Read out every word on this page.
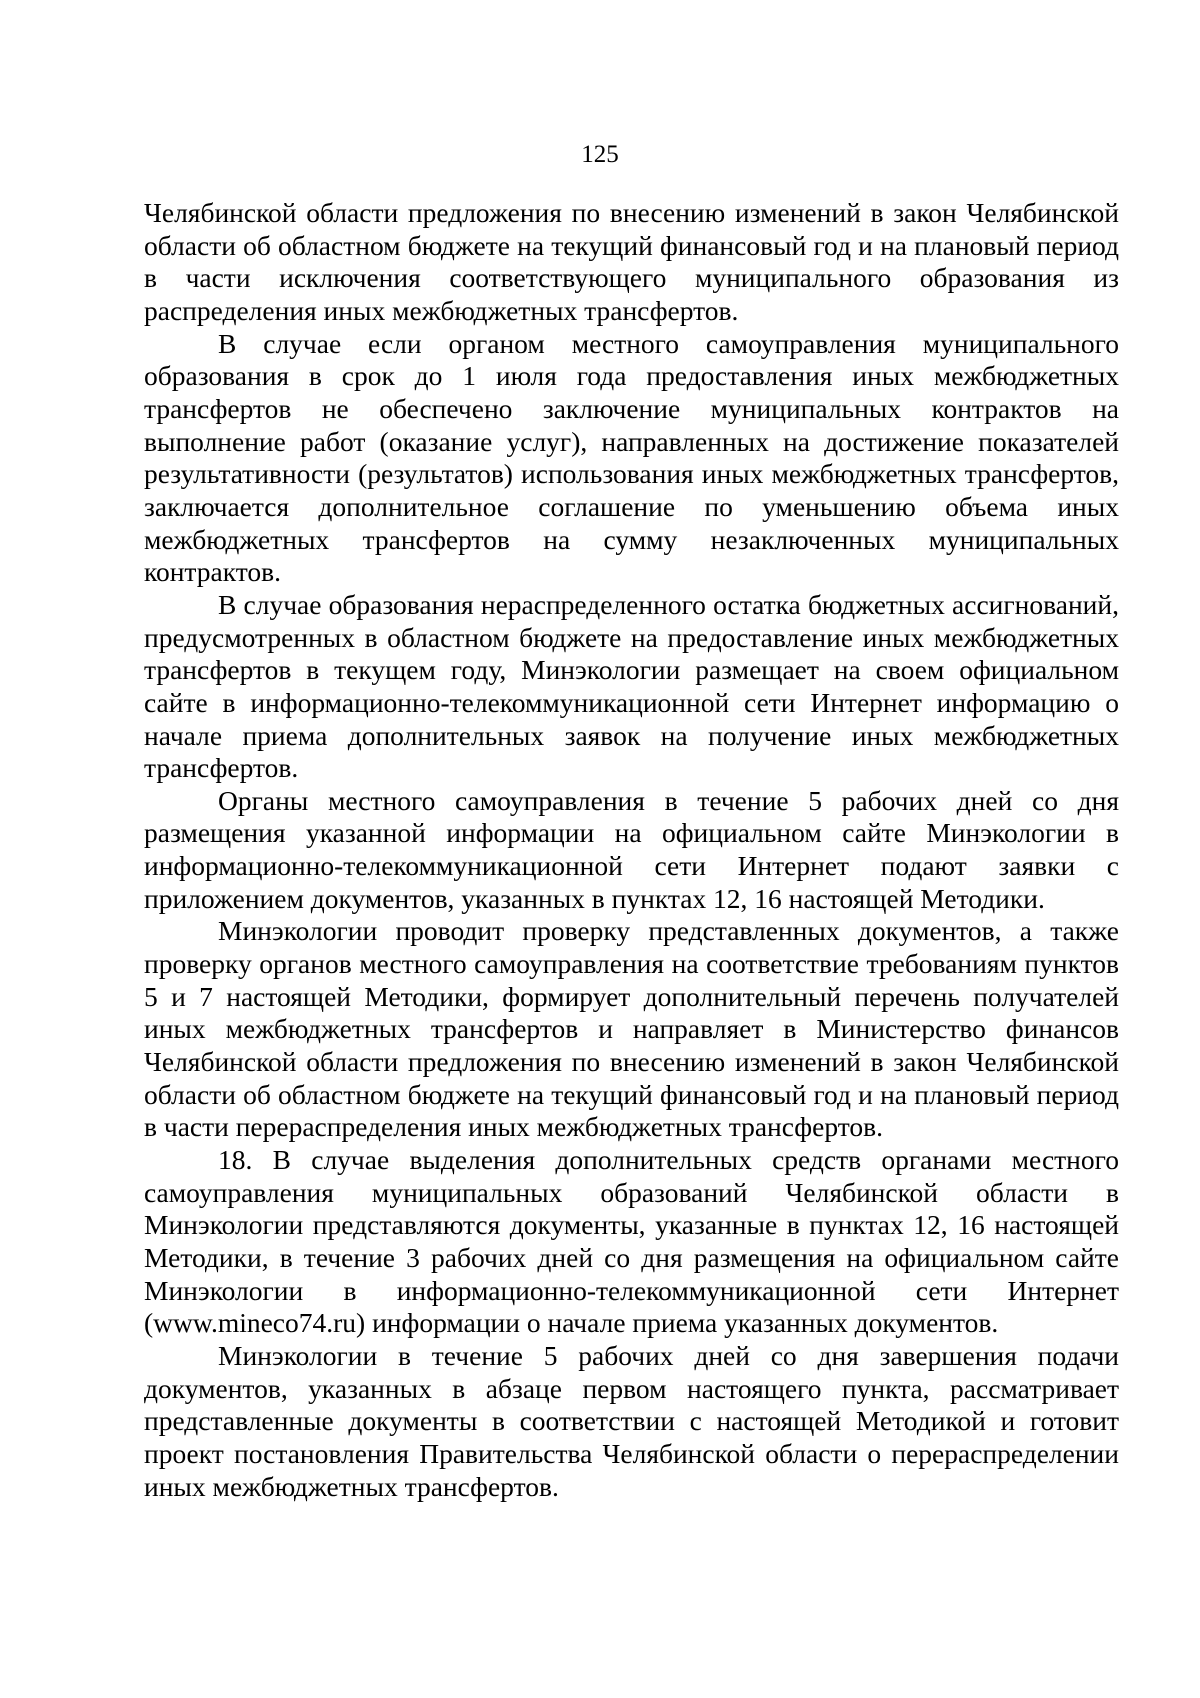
125

Челябинской области предложения по внесению изменений в закон Челябинской области об областном бюджете на текущий финансовый год и на плановый период в части исключения соответствующего муниципального образования из распределения иных межбюджетных трансфертов.

В случае если органом местного самоуправления муниципального образования в срок до 1 июля года предоставления иных межбюджетных трансфертов не обеспечено заключение муниципальных контрактов на выполнение работ (оказание услуг), направленных на достижение показателей результативности (результатов) использования иных межбюджетных трансфертов, заключается дополнительное соглашение по уменьшению объема иных межбюджетных трансфертов на сумму незаключенных муниципальных контрактов.

В случае образования нераспределенного остатка бюджетных ассигнований, предусмотренных в областном бюджете на предоставление иных межбюджетных трансфертов в текущем году, Минэкологии размещает на своем официальном сайте в информационно-телекоммуникационной сети Интернет информацию о начале приема дополнительных заявок на получение иных межбюджетных трансфертов.

Органы местного самоуправления в течение 5 рабочих дней со дня размещения указанной информации на официальном сайте Минэкологии в информационно-телекоммуникационной сети Интернет подают заявки с приложением документов, указанных в пунктах 12, 16 настоящей Методики.

Минэкологии проводит проверку представленных документов, а также проверку органов местного самоуправления на соответствие требованиям пунктов 5 и 7 настоящей Методики, формирует дополнительный перечень получателей иных межбюджетных трансфертов и направляет в Министерство финансов Челябинской области предложения по внесению изменений в закон Челябинской области об областном бюджете на текущий финансовый год и на плановый период в части перераспределения иных межбюджетных трансфертов.

18. В случае выделения дополнительных средств органами местного самоуправления муниципальных образований Челябинской области в Минэкологии представляются документы, указанные в пунктах 12, 16 настоящей Методики, в течение 3 рабочих дней со дня размещения на официальном сайте Минэкологии в информационно-телекоммуникационной сети Интернет (www.mineco74.ru) информации о начале приема указанных документов.

Минэкологии в течение 5 рабочих дней со дня завершения подачи документов, указанных в абзаце первом настоящего пункта, рассматривает представленные документы в соответствии с настоящей Методикой и готовит проект постановления Правительства Челябинской области о перераспределении иных межбюджетных трансфертов.
